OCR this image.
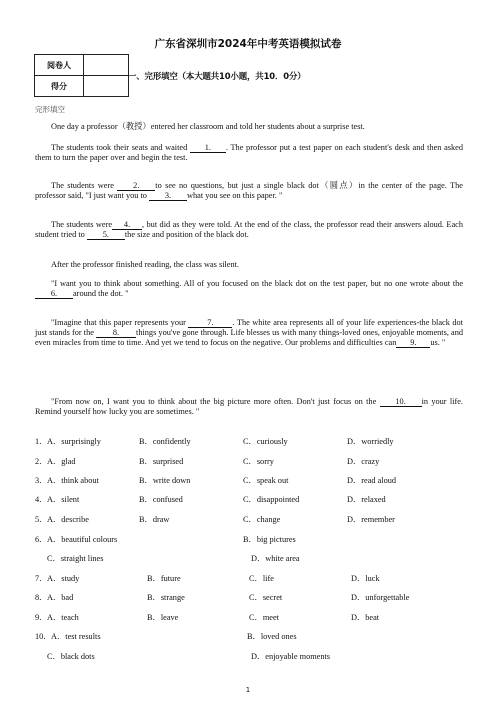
广东省深圳市2024年中考英语模拟试卷
阅卷人	
得分	
一、完形填空（本大题共10小题，共10．0分）
完形填空
One day a professor（教授）entered her classroom and told her students about a surprise test.
The students took their seats and waited 1. . The professor put a test paper on each student's desk and then asked them to turn the paper over and begin the test.
The students were 2. to see no questions, but just a single black dot（圆点）in the center of the page. The professor said, "I just want you to 3. what you see on this paper. "
The students were 4. , but did as they were told. At the end of the class, the professor read their answers aloud. Each student tried to 5. the size and position of the black dot.
After the professor finished reading, the class was silent.
"I want you to think about something. All of you focused on the black dot on the test paper, but no one wrote about the 6. around the dot. "
"Imagine that this paper represents your 7. . The white area represents all of your life experiences-the black dot just stands for the 8. things you've gone through. Life blesses us with many things-loved ones, enjoyable moments, and even miracles from time to time. And yet we tend to focus on the negative. Our problems and difficulties can 9. us. "
"From now on, I want you to think about the big picture more often. Don't just focus on the 10. in your life. Remind yourself how lucky you are sometimes. "
1． A．surprisingly	B．confidently	C．curiously	D．worriedly
2． A．glad	B．surprised	C．sorry	D．crazy
3． A．think about	B．write down	C．speak out	D．read aloud
4． A．silent	B．confused	C．disappointed	D．relaxed
5． A．describe	B．draw	C．change	D．remember
6． A．beautiful colours	B．big pictures
C．straight lines	D．white area
7． A．study	B．future	C．life	D．luck
8． A．bad	B．strange	C．secret	D．unforgettable
9． A．teach	B．leave	C．meet	D．beat
10． A．test results	B．loved ones
C．black dots	D．enjoyable moments
1
